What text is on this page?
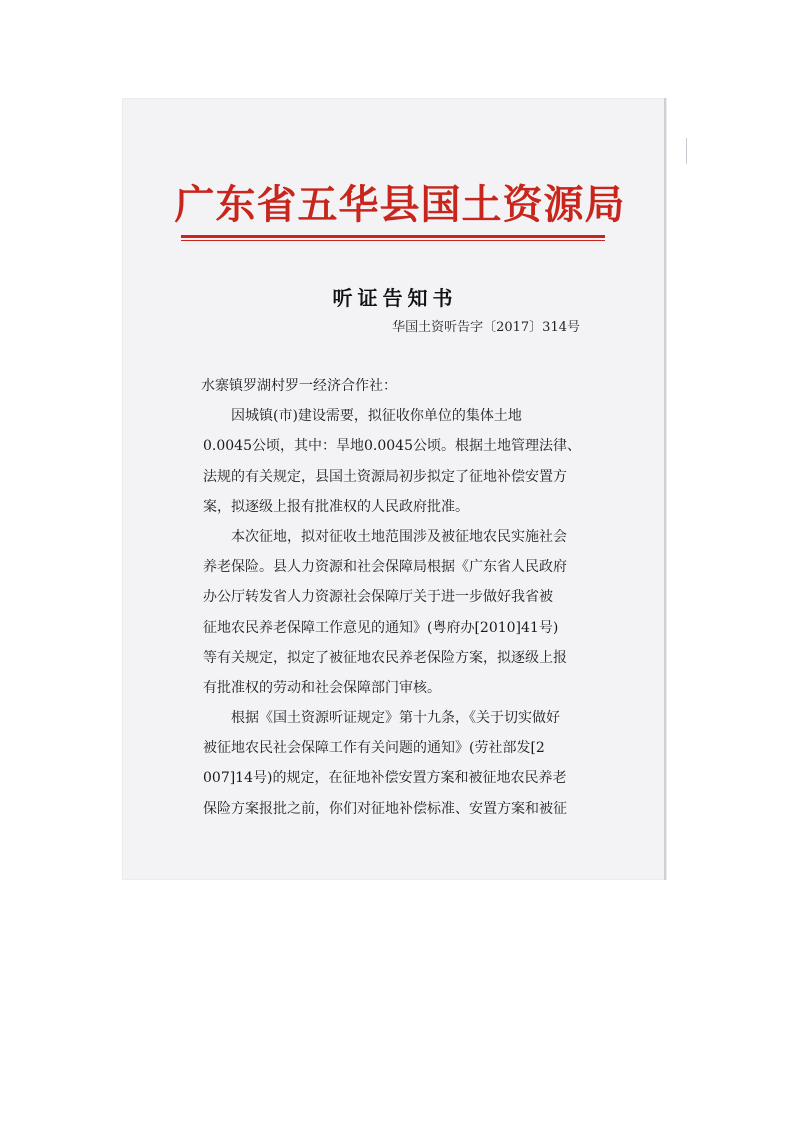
广东省五华县国土资源局
听证告知书
华国土资听告字〔2017〕314号
水寨镇罗湖村罗一经济合作社：
因城镇(市)建设需要，拟征收你单位的集体土地
0.0045公顷，其中：旱地0.0045公顷。根据土地管理法律、
法规的有关规定，县国土资源局初步拟定了征地补偿安置方
案，拟逐级上报有批准权的人民政府批准。
本次征地，拟对征收土地范围涉及被征地农民实施社会
养老保险。县人力资源和社会保障局根据《广东省人民政府
办公厅转发省人力资源社会保障厅关于进一步做好我省被
征地农民养老保障工作意见的通知》(粤府办[2010]41号)
等有关规定，拟定了被征地农民养老保险方案，拟逐级上报
有批准权的劳动和社会保障部门审核。
根据《国土资源听证规定》第十九条，《关于切实做好
被征地农民社会保障工作有关问题的通知》(劳社部发[2
007]14号)的规定，在征地补偿安置方案和被征地农民养老
保险方案报批之前，你们对征地补偿标准、安置方案和被征
